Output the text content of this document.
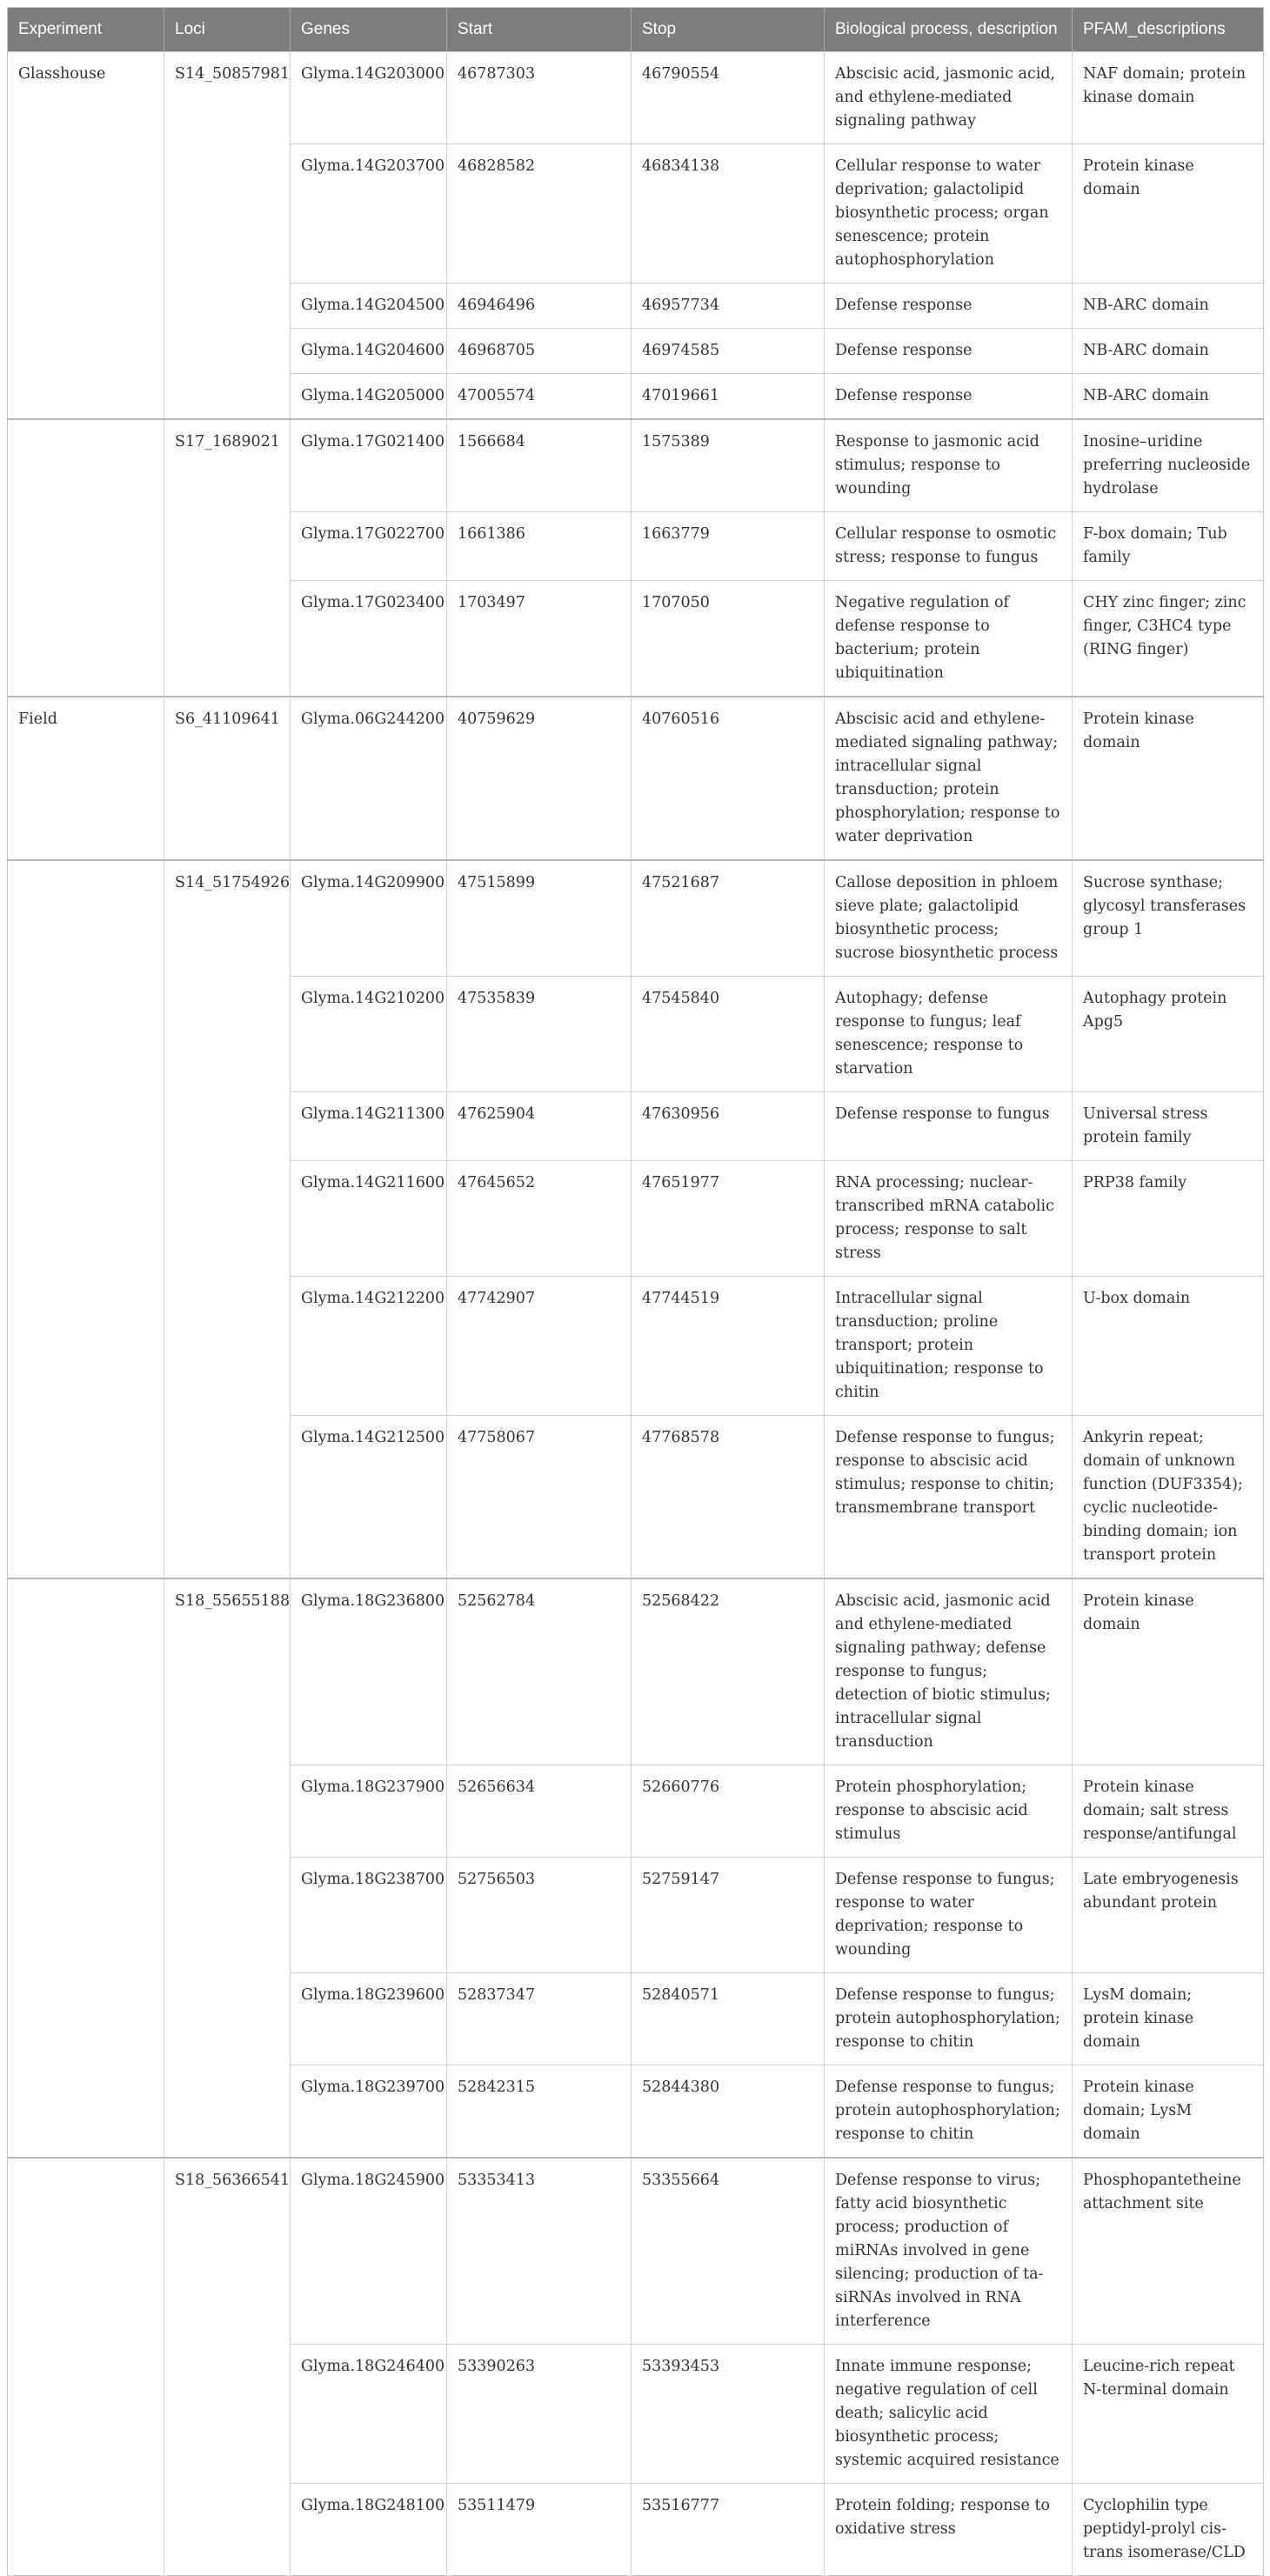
Experiment	Loci	Genes	Start	Stop	Biological process, description	PFAM_descriptions
Glasshouse	S14_50857981	Glyma.14G203000	46787303	46790554	Abscisic acid, jasmonic acid, and ethylene-mediated signaling pathway	NAF domain; protein kinase domain
		Glyma.14G203700	46828582	46834138	Cellular response to water deprivation; galactolipid biosynthetic process; organ senescence; protein autophosphorylation	Protein kinase domain
		Glyma.14G204500	46946496	46957734	Defense response	NB-ARC domain
		Glyma.14G204600	46968705	46974585	Defense response	NB-ARC domain
		Glyma.14G205000	47005574	47019661	Defense response	NB-ARC domain
	S17_1689021	Glyma.17G021400	1566684	1575389	Response to jasmonic acid stimulus; response to wounding	Inosine–uridine preferring nucleoside hydrolase
		Glyma.17G022700	1661386	1663779	Cellular response to osmotic stress; response to fungus	F-box domain; Tub family
		Glyma.17G023400	1703497	1707050	Negative regulation of defense response to bacterium; protein ubiquitination	CHY zinc finger; zinc finger, C3HC4 type (RING finger)
Field	S6_41109641	Glyma.06G244200	40759629	40760516	Abscisic acid and ethylene-mediated signaling pathway; intracellular signal transduction; protein phosphorylation; response to water deprivation	Protein kinase domain
	S14_51754926	Glyma.14G209900	47515899	47521687	Callose deposition in phloem sieve plate; galactolipid biosynthetic process; sucrose biosynthetic process	Sucrose synthase; glycosyl transferases group 1
		Glyma.14G210200	47535839	47545840	Autophagy; defense response to fungus; leaf senescence; response to starvation	Autophagy protein Apg5
		Glyma.14G211300	47625904	47630956	Defense response to fungus	Universal stress protein family
		Glyma.14G211600	47645652	47651977	RNA processing; nuclear-transcribed mRNA catabolic process; response to salt stress	PRP38 family
		Glyma.14G212200	47742907	47744519	Intracellular signal transduction; proline transport; protein ubiquitination; response to chitin	U-box domain
		Glyma.14G212500	47758067	47768578	Defense response to fungus; response to abscisic acid stimulus; response to chitin; transmembrane transport	Ankyrin repeat; domain of unknown function (DUF3354); cyclic nucleotide-binding domain; ion transport protein
	S18_55655188	Glyma.18G236800	52562784	52568422	Abscisic acid, jasmonic acid and ethylene-mediated signaling pathway; defense response to fungus; detection of biotic stimulus; intracellular signal transduction	Protein kinase domain
		Glyma.18G237900	52656634	52660776	Protein phosphorylation; response to abscisic acid stimulus	Protein kinase domain; salt stress response/antifungal
		Glyma.18G238700	52756503	52759147	Defense response to fungus; response to water deprivation; response to wounding	Late embryogenesis abundant protein
		Glyma.18G239600	52837347	52840571	Defense response to fungus; protein autophosphorylation; response to chitin	LysM domain; protein kinase domain
		Glyma.18G239700	52842315	52844380	Defense response to fungus; protein autophosphorylation; response to chitin	Protein kinase domain; LysM domain
	S18_56366541	Glyma.18G245900	53353413	53355664	Defense response to virus; fatty acid biosynthetic process; production of miRNAs involved in gene silencing; production of ta-siRNAs involved in RNA interference	Phosphopantetheine attachment site
		Glyma.18G246400	53390263	53393453	Innate immune response; negative regulation of cell death; salicylic acid biosynthetic process; systemic acquired resistance	Leucine-rich repeat N-terminal domain
		Glyma.18G248100	53511479	53516777	Protein folding; response to oxidative stress	Cyclophilin type peptidyl-prolyl cis-trans isomerase/CLD
